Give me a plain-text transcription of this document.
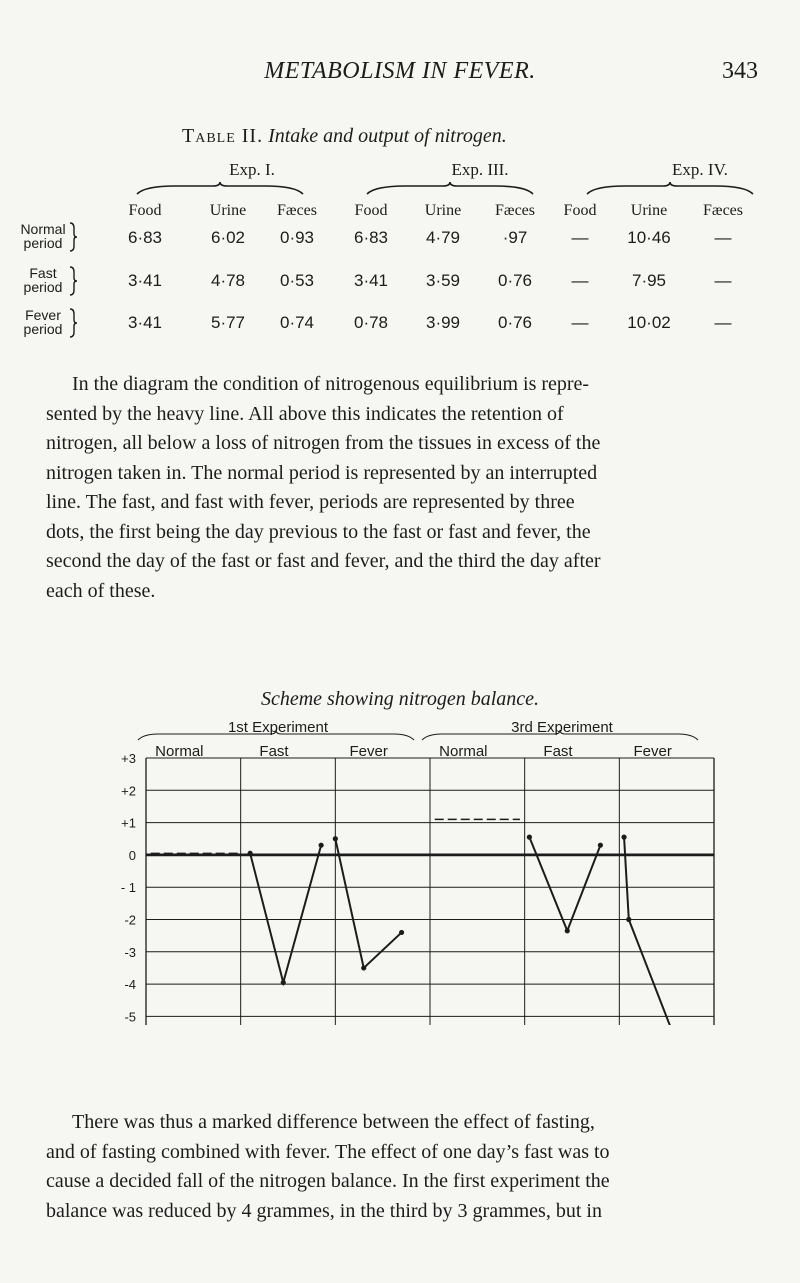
METABOLISM IN FEVER.	343
Table II. Intake and output of nitrogen.
Exp. I.	Exp. III.	Exp. IV.
Food	Urine	Fæces	Food	Urine	Fæces	Food	Urine	Fæces
Normal
period	6·83	6·02	0·93	6·83	4·79	·97	—	10·46	—
Fast
period	3·41	4·78	0·53	3·41	3·59	0·76	—	7·95	—
Fever
period	3·41	5·77	0·74	0·78	3·99	0·76	—	10·02	—
In the diagram the condition of nitrogenous equilibrium is repre-
sented by the heavy line. All above this indicates the retention of
nitrogen, all below a loss of nitrogen from the tissues in excess of the
nitrogen taken in. The normal period is represented by an interrupted
line. The fast, and fast with fever, periods are represented by three
dots, the first being the day previous to the fast or fast and fever, the
second the day of the fast or fast and fever, and the third the day after
each of these.
Scheme showing nitrogen balance.
1st Experiment	3rd Experiment
Normal	Fast	Fever	Normal	Fast	Fever
+3
+2
+1
0
- 1
-2
-3
-4
-5
There was thus a marked difference between the effect of fasting,
and of fasting combined with fever. The effect of one day’s fast was to
cause a decided fall of the nitrogen balance. In the first experiment the
balance was reduced by 4 grammes, in the third by 3 grammes, but in
